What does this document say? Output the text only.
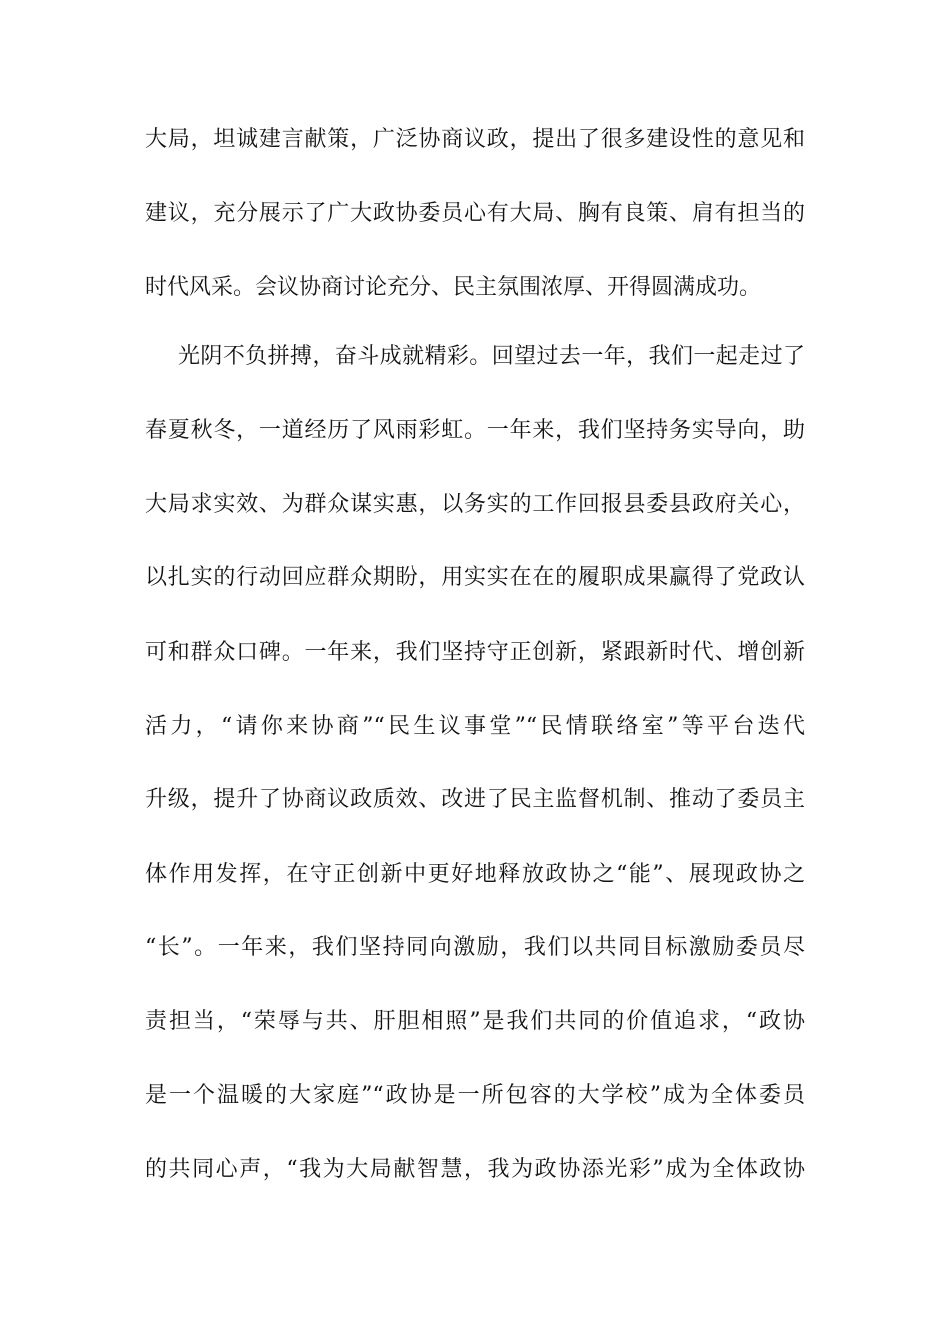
大局，坦诚建言献策，广泛协商议政，提出了很多建设性的意见和
建议，充分展示了广大政协委员心有大局、胸有良策、肩有担当的
时代风采。会议协商讨论充分、民主氛围浓厚、开得圆满成功。
光阴不负拼搏，奋斗成就精彩。回望过去一年，我们一起走过了
春夏秋冬，一道经历了风雨彩虹。一年来，我们坚持务实导向，助
大局求实效、为群众谋实惠，以务实的工作回报县委县政府关心，
以扎实的行动回应群众期盼，用实实在在的履职成果赢得了党政认
可和群众口碑。一年来，我们坚持守正创新，紧跟新时代、增创新
活力，“请你来协商”“民生议事堂”“民情联络室”等平台迭代
升级，提升了协商议政质效、改进了民主监督机制、推动了委员主
体作用发挥，在守正创新中更好地释放政协之“能”、展现政协之
“长”。一年来，我们坚持同向激励，我们以共同目标激励委员尽
责担当，“荣辱与共、肝胆相照”是我们共同的价值追求，“政协
是一个温暖的大家庭”“政协是一所包容的大学校”成为全体委员
的共同心声，“我为大局献智慧，我为政协添光彩”成为全体政协
